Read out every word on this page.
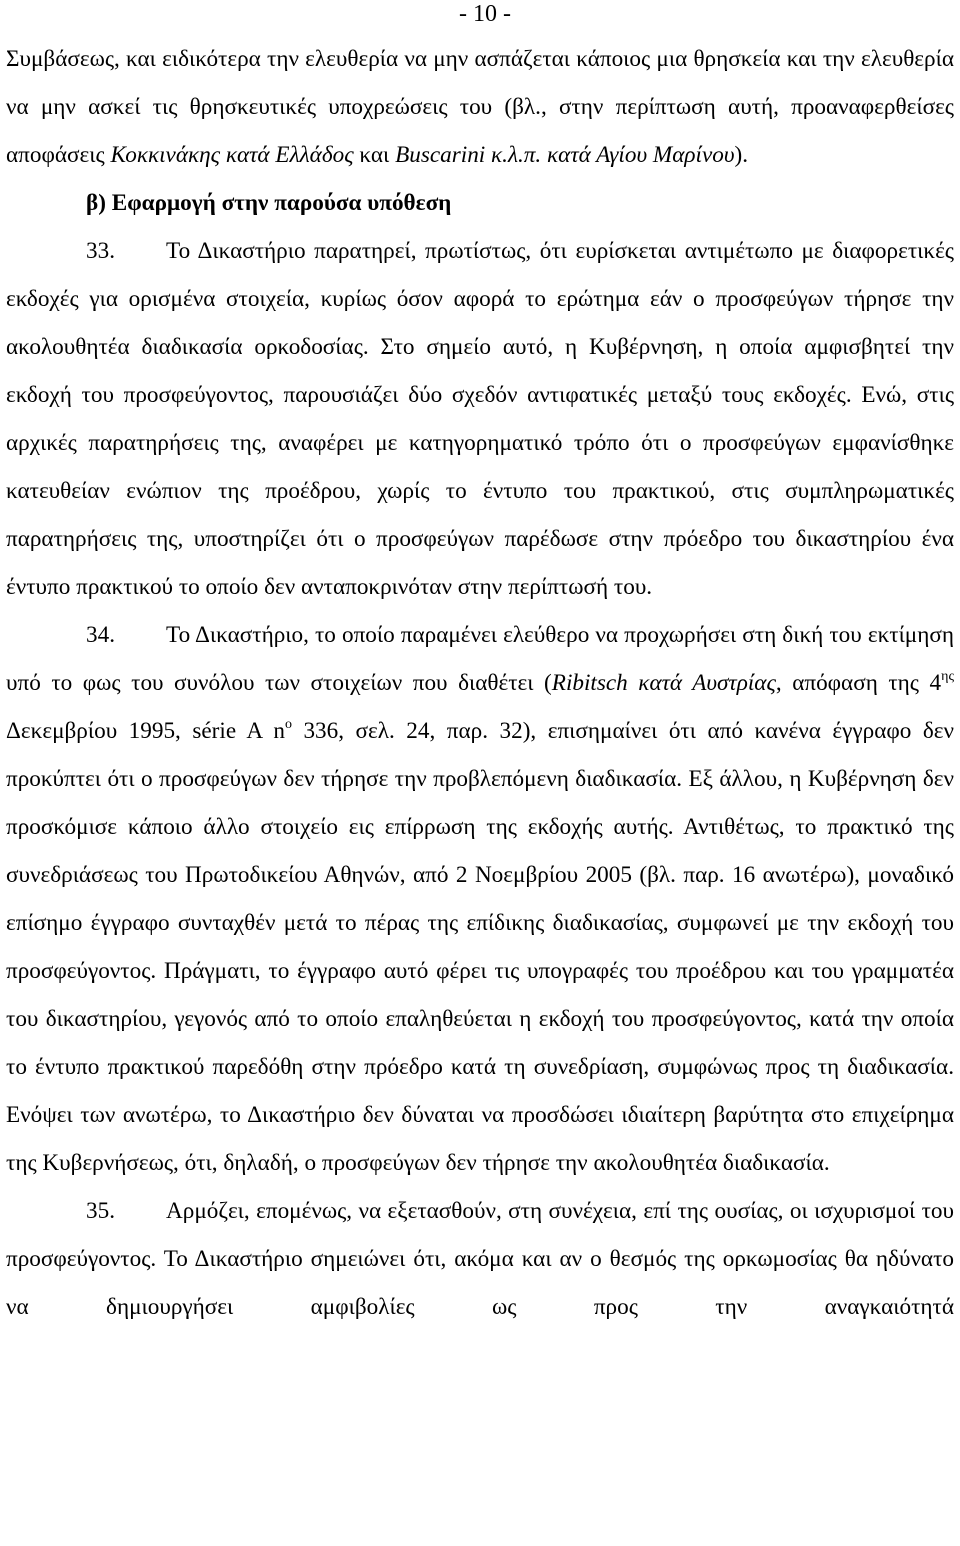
- 10 -

Συμβάσεως, και ειδικότερα την ελευθερία να μην ασπάζεται κάποιος μια θρησκεία και την ελευθερία να μην ασκεί τις θρησκευτικές υποχρεώσεις του (βλ., στην περίπτωση αυτή, προαναφερθείσες αποφάσεις Κοκκινάκης κατά Ελλάδος και Buscarini κ.λ.π. κατά Αγίου Μαρίνου).

β) Εφαρμογή στην παρούσα υπόθεση

33. Το Δικαστήριο παρατηρεί, πρωτίστως, ότι ευρίσκεται αντιμέτωπο με διαφορετικές εκδοχές για ορισμένα στοιχεία, κυρίως όσον αφορά το ερώτημα εάν ο προσφεύγων τήρησε την ακολουθητέα διαδικασία ορκοδοσίας. Στο σημείο αυτό, η Κυβέρνηση, η οποία αμφισβητεί την εκδοχή του προσφεύγοντος, παρουσιάζει δύο σχεδόν αντιφατικές μεταξύ τους εκδοχές. Ενώ, στις αρχικές παρατηρήσεις της, αναφέρει με κατηγορηματικό τρόπο ότι ο προσφεύγων εμφανίσθηκε κατευθείαν ενώπιον της προέδρου, χωρίς το έντυπο του πρακτικού, στις συμπληρωματικές παρατηρήσεις της, υποστηρίζει ότι ο προσφεύγων παρέδωσε στην πρόεδρο του δικαστηρίου ένα έντυπο πρακτικού το οποίο δεν ανταποκρινόταν στην περίπτωσή του.

34. Το Δικαστήριο, το οποίο παραμένει ελεύθερο να προχωρήσει στη δική του εκτίμηση υπό το φως του συνόλου των στοιχείων που διαθέτει (Ribitsch κατά Αυστρίας, απόφαση της $4^{\eta\varsigma}$ Δεκεμβρίου 1995, série A $n^o$ 336, σελ. 24, παρ. 32), επισημαίνει ότι από κανένα έγγραφο δεν προκύπτει ότι ο προσφεύγων δεν τήρησε την προβλεπόμενη διαδικασία. Εξ άλλου, η Κυβέρνηση δεν προσκόμισε κάποιο άλλο στοιχείο εις επίρρωση της εκδοχής αυτής. Αντιθέτως, το πρακτικό της συνεδριάσεως του Πρωτοδικείου Αθηνών, από 2 Νοεμβρίου 2005 (βλ. παρ. 16 ανωτέρω), μοναδικό επίσημο έγγραφο συνταχθέν μετά το πέρας της επίδικης διαδικασίας, συμφωνεί με την εκδοχή του προσφεύγοντος. Πράγματι, το έγγραφο αυτό φέρει τις υπογραφές του προέδρου και του γραμματέα του δικαστηρίου, γεγονός από το οποίο επαληθεύεται η εκδοχή του προσφεύγοντος, κατά την οποία το έντυπο πρακτικού παρεδόθη στην πρόεδρο κατά τη συνεδρίαση, συμφώνως προς τη διαδικασία. Ενόψει των ανωτέρω, το Δικαστήριο δεν δύναται να προσδώσει ιδιαίτερη βαρύτητα στο επιχείρημα της Κυβερνήσεως, ότι, δηλαδή, ο προσφεύγων δεν τήρησε την ακολουθητέα διαδικασία.

35. Αρμόζει, επομένως, να εξετασθούν, στη συνέχεια, επί της ουσίας, οι ισχυρισμοί του προσφεύγοντος. Το Δικαστήριο σημειώνει ότι, ακόμα και αν ο θεσμός της ορκωμοσίας θα ηδύνατο να δημιουργήσει αμφιβολίες ως προς την αναγκαιότητά
